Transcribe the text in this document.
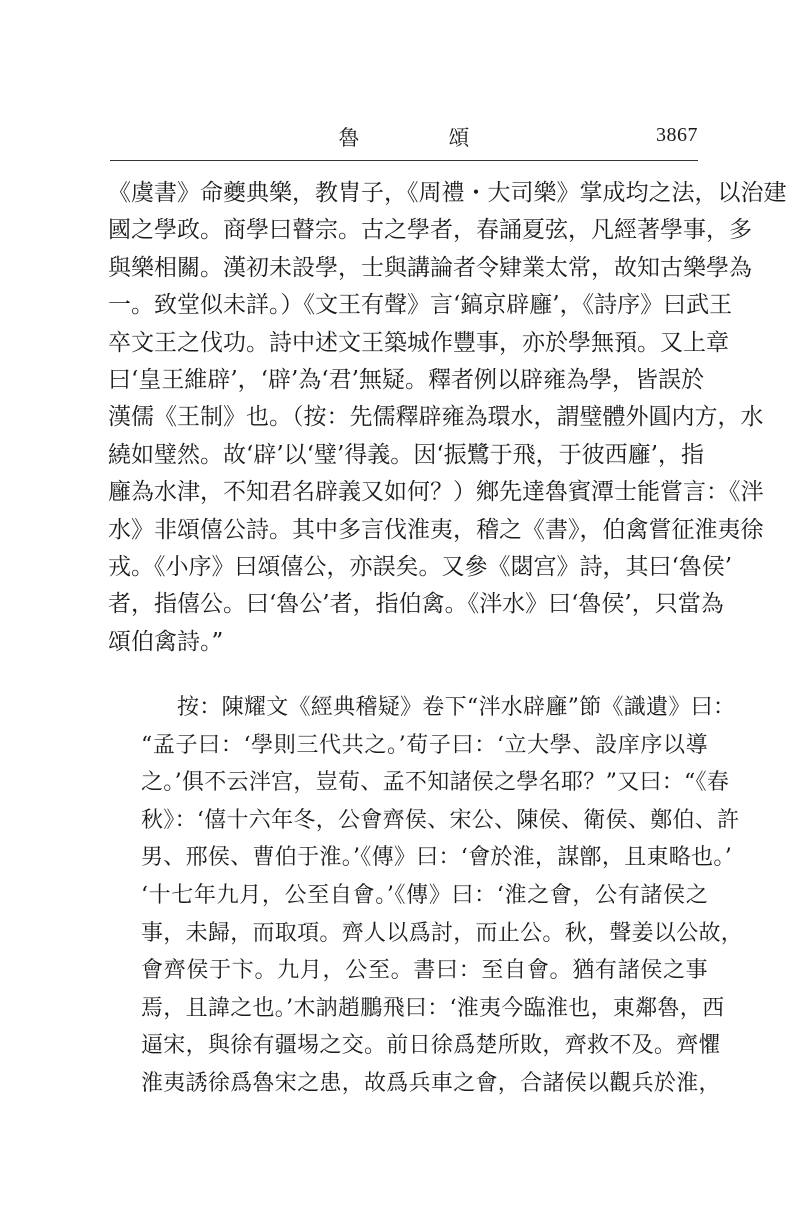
魯　頌	3867
《虞書》命夔典樂，教胄子，《周禮・大司樂》掌成均之法，以治建
國之學政。商學曰瞽宗。古之學者，春誦夏弦，凡經著學事，多
與樂相關。漢初未設學，士與講論者令肄業太常，故知古樂學為
一。致堂似未詳。）《文王有聲》言‘鎬京辟廱’，《詩序》曰武王
卒文王之伐功。詩中述文王築城作豐事，亦於學無預。又上章
曰‘皇王維辟’，‘辟’為‘君’無疑。釋者例以辟雍為學，皆誤於
漢儒《王制》也。（按：先儒釋辟雍為環水，謂璧體外圓内方，水
繞如璧然。故‘辟’以‘璧’得義。因‘振鷺于飛，于彼西廱’，指
廱為水津，不知君名辟義又如何？）鄉先達魯賓潭士能嘗言：《泮
水》非頌僖公詩。其中多言伐淮夷，稽之《書》，伯禽嘗征淮夷徐
戎。《小序》曰頌僖公，亦誤矣。又參《閟宫》詩，其曰‘魯侯’
者，指僖公。曰‘魯公’者，指伯禽。《泮水》曰‘魯侯’，只當為
頌伯禽詩。”
按：陳耀文《經典稽疑》卷下“泮水辟廱”節《識遺》曰：
“孟子曰：‘學則三代共之。’荀子曰：‘立大學、設庠序以導
之。’俱不云泮宫，豈荀、孟不知諸侯之學名耶？”又曰：“《春
秋》：‘僖十六年冬，公會齊侯、宋公、陳侯、衛侯、鄭伯、許
男、邢侯、曹伯于淮。’《傳》曰：‘會於淮，謀鄫，且東略也。’
‘十七年九月，公至自會。’《傳》曰：‘淮之會，公有諸侯之
事，未歸，而取項。齊人以爲討，而止公。秋，聲姜以公故，
會齊侯于卞。九月，公至。書曰：至自會。猶有諸侯之事
焉，且諱之也。’木訥趙鵬飛曰：‘淮夷今臨淮也，東鄰魯，西
逼宋，與徐有疆埸之交。前日徐爲楚所敗，齊救不及。齊懼
淮夷誘徐爲魯宋之患，故爲兵車之會，合諸侯以觀兵於淮，
